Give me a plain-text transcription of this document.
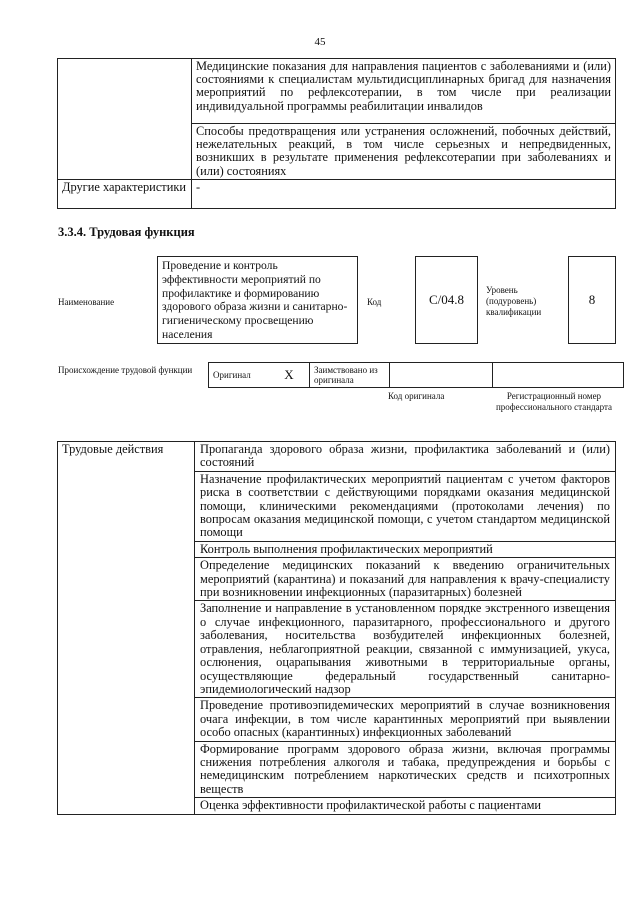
45
	Медицинские показания для направления пациентов с заболеваниями и (или) состояниями к специалистам мультидисциплинарных бригад для назначения мероприятий по рефлексотерапии, в том числе при реализации индивидуальной программы реабилитации инвалидов
	Способы предотвращения или устранения осложнений, побочных действий, нежелательных реакций, в том числе серьезных и непредвиденных, возникших в результате применения рефлексотерапии при заболеваниях и (или) состояниях
Другие характеристики	-
3.3.4. Трудовая функция
Наименование
Проведение и контроль эффективности мероприятий по профилактике и формированию здорового образа жизни и санитарно-гигиеническому просвещению населения
Код	C/04.8
Уровень (подуровень) квалификации
8
Происхождение трудовой функции	Оригинал	X	Заимствовано из оригинала		
Код оригинала	Регистрационный номер профессионального стандарта
Трудовые действия	Пропаганда здорового образа жизни, профилактика заболеваний и (или) состояний
Назначение профилактических мероприятий пациентам с учетом факторов риска в соответствии с действующими порядками оказания медицинской помощи, клиническими рекомендациями (протоколами лечения) по вопросам оказания медицинской помощи, с учетом стандартом медицинской помощи
Контроль выполнения профилактических мероприятий
Определение медицинских показаний к введению ограничительных мероприятий (карантина) и показаний для направления к врачу-специалисту при возникновении инфекционных (паразитарных) болезней
Заполнение и направление в установленном порядке экстренного извещения о случае инфекционного, паразитарного, профессионального и другого заболевания, носительства возбудителей инфекционных болезней, отравления, неблагоприятной реакции, связанной с иммунизацией, укуса, ослюнения, оцарапывания животными в территориальные органы, осуществляющие федеральный государственный санитарно-эпидемиологический надзор
Проведение противоэпидемических мероприятий в случае возникновения очага инфекции, в том числе карантинных мероприятий при выявлении особо опасных (карантинных) инфекционных заболеваний
Формирование программ здорового образа жизни, включая программы снижения потребления алкоголя и табака, предупреждения и борьбы с немедицинским потреблением наркотических средств и психотропных веществ
Оценка эффективности профилактической работы с пациентами
